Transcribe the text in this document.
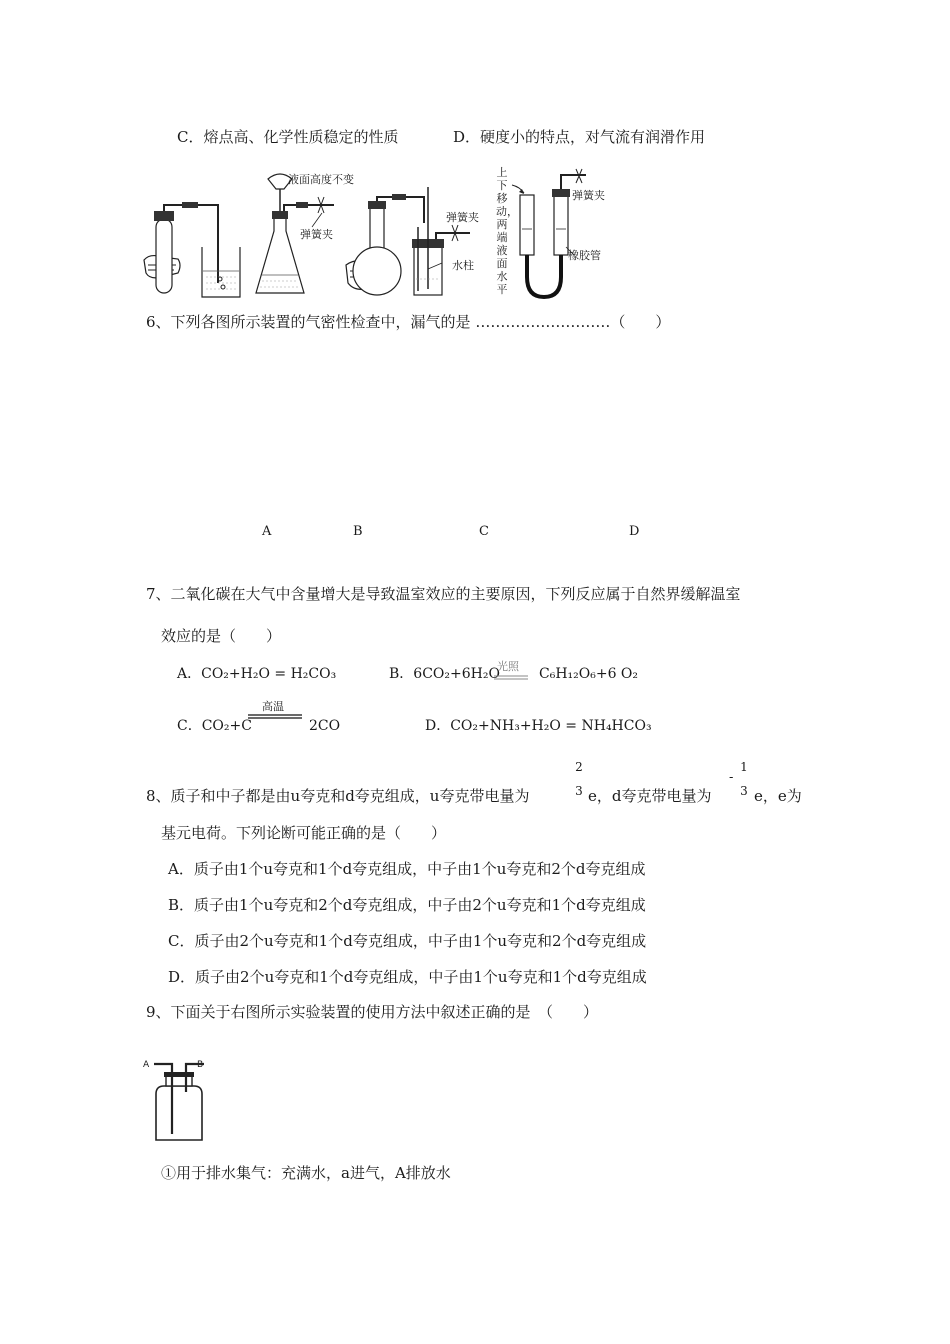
C．熔点高、化学性质稳定的性质	D．硬度小的特点，对气流有润滑作用
液面高度不变
弹簧夹
弹簧夹
水柱
上下移动，两端液面水平
弹簧夹
橡胶管
6、下列各图所示装置的气密性检查中，漏气的是 ………………………（　　）
A	B	C	D
7、二氧化碳在大气中含量增大是导致温室效应的主要原因，下列反应属于自然界缓解温室
效应的是（　　）
A．CO₂+H₂O = H₂CO₃	B．6CO₂+6H₂O
光照 C₆H₁₂O₆+6 O₂
C．CO₂+C
高温
2CO	D．CO₂+NH₃+H₂O = NH₄HCO₃
8、质子和中子都是由u夸克和d夸克组成，u夸克带电量为
2
3 e，d夸克带电量为
-
1
3 e，e为
基元电荷。下列论断可能正确的是（　　）
A．质子由1个u夸克和1个d夸克组成，中子由1个u夸克和2个d夸克组成
B．质子由1个u夸克和2个d夸克组成，中子由2个u夸克和1个d夸克组成
C．质子由2个u夸克和1个d夸克组成，中子由1个u夸克和2个d夸克组成
D．质子由2个u夸克和1个d夸克组成，中子由1个u夸克和1个d夸克组成
9、下面关于右图所示实验装置的使用方法中叙述正确的是　（　　）
A	B
①用于排水集气：充满水，a进气，A排放水
